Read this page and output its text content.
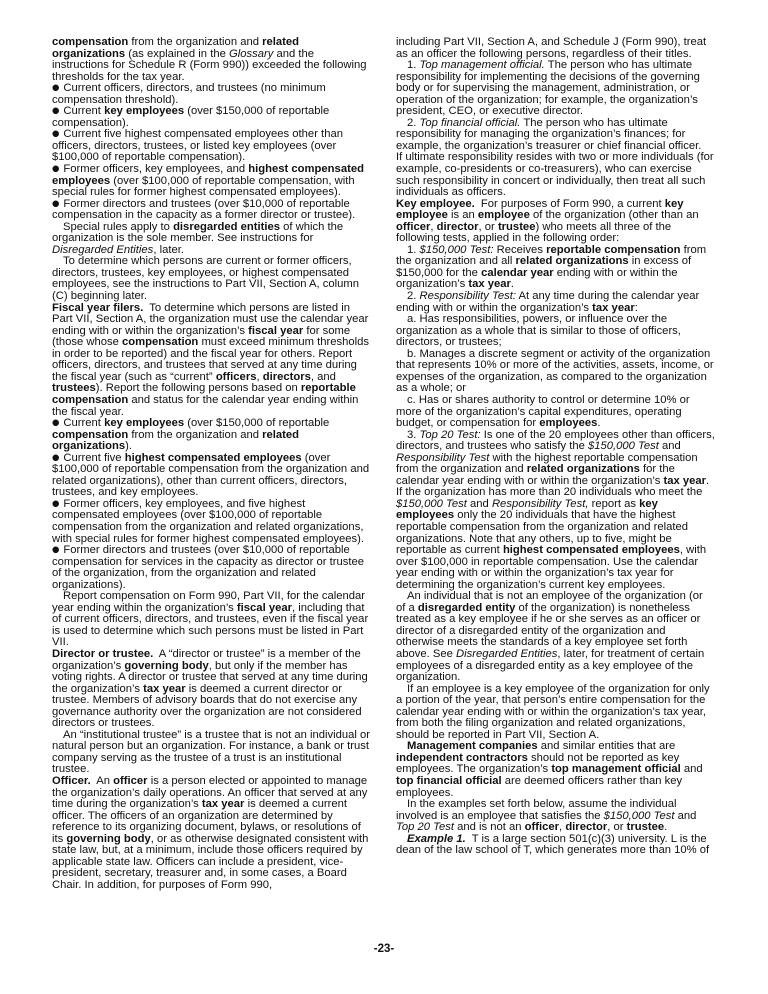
compensation from the organization and related organizations (as explained in the Glossary and the instructions for Schedule R (Form 990)) exceeded the following thresholds for the tax year.

● Current officers, directors, and trustees (no minimum compensation threshold).

● Current key employees (over $150,000 of reportable compensation).

● Current five highest compensated employees other than officers, directors, trustees, or listed key employees (over $100,000 of reportable compensation).

● Former officers, key employees, and highest compensated employees (over $100,000 of reportable compensation, with special rules for former highest compensated employees).

● Former directors and trustees (over $10,000 of reportable compensation in the capacity as a former director or trustee).

Special rules apply to disregarded entities of which the organization is the sole member. See instructions for Disregarded Entities, later.

To determine which persons are current or former officers, directors, trustees, key employees, or highest compensated employees, see the instructions to Part VII, Section A, column (C) beginning later.

Fiscal year filers. To determine which persons are listed in Part VII, Section A, the organization must use the calendar year ending with or within the organization’s fiscal year for some (those whose compensation must exceed minimum thresholds in order to be reported) and the fiscal year for others. Report officers, directors, and trustees that served at any time during the fiscal year (such as “current” officers, directors, and trustees). Report the following persons based on reportable compensation and status for the calendar year ending within the fiscal year.

● Current key employees (over $150,000 of reportable compensation from the organization and related organizations).

● Current five highest compensated employees (over $100,000 of reportable compensation from the organization and related organizations), other than current officers, directors, trustees, and key employees.

● Former officers, key employees, and five highest compensated employees (over $100,000 of reportable compensation from the organization and related organizations, with special rules for former highest compensated employees).

● Former directors and trustees (over $10,000 of reportable compensation for services in the capacity as director or trustee of the organization, from the organization and related organizations).

Report compensation on Form 990, Part VII, for the calendar year ending within the organization’s fiscal year, including that of current officers, directors, and trustees, even if the fiscal year is used to determine which such persons must be listed in Part VII.

Director or trustee. A “director or trustee” is a member of the organization’s governing body, but only if the member has voting rights. A director or trustee that served at any time during the organization’s tax year is deemed a current director or trustee. Members of advisory boards that do not exercise any governance authority over the organization are not considered directors or trustees.

An “institutional trustee” is a trustee that is not an individual or natural person but an organization. For instance, a bank or trust company serving as the trustee of a trust is an institutional trustee.

Officer. An officer is a person elected or appointed to manage the organization’s daily operations. An officer that served at any time during the organization’s tax year is deemed a current officer. The officers of an organization are determined by reference to its organizing document, bylaws, or resolutions of its governing body, or as otherwise designated consistent with state law, but, at a minimum, include those officers required by applicable state law. Officers can include a president, vice-president, secretary, treasurer and, in some cases, a Board Chair. In addition, for purposes of Form 990,

including Part VII, Section A, and Schedule J (Form 990), treat as an officer the following persons, regardless of their titles.

1. Top management official. The person who has ultimate responsibility for implementing the decisions of the governing body or for supervising the management, administration, or operation of the organization; for example, the organization’s president, CEO, or executive director.

2. Top financial official. The person who has ultimate responsibility for managing the organization’s finances; for example, the organization’s treasurer or chief financial officer.

If ultimate responsibility resides with two or more individuals (for example, co-presidents or co-treasurers), who can exercise such responsibility in concert or individually, then treat all such individuals as officers.

Key employee. For purposes of Form 990, a current key employee is an employee of the organization (other than an officer, director, or trustee) who meets all three of the following tests, applied in the following order:

1. $150,000 Test: Receives reportable compensation from the organization and all related organizations in excess of $150,000 for the calendar year ending with or within the organization’s tax year.

2. Responsibility Test: At any time during the calendar year ending with or within the organization’s tax year:

a. Has responsibilities, powers, or influence over the organization as a whole that is similar to those of officers, directors, or trustees;

b. Manages a discrete segment or activity of the organization that represents 10% or more of the activities, assets, income, or expenses of the organization, as compared to the organization as a whole; or

c. Has or shares authority to control or determine 10% or more of the organization’s capital expenditures, operating budget, or compensation for employees.

3. Top 20 Test: Is one of the 20 employees other than officers, directors, and trustees who satisfy the $150,000 Test and Responsibility Test with the highest reportable compensation from the organization and related organizations for the calendar year ending with or within the organization’s tax year.

If the organization has more than 20 individuals who meet the $150,000 Test and Responsibility Test, report as key employees only the 20 individuals that have the highest reportable compensation from the organization and related organizations. Note that any others, up to five, might be reportable as current highest compensated employees, with over $100,000 in reportable compensation. Use the calendar year ending with or within the organization’s tax year for determining the organization’s current key employees.

An individual that is not an employee of the organization (or of a disregarded entity of the organization) is nonetheless treated as a key employee if he or she serves as an officer or director of a disregarded entity of the organization and otherwise meets the standards of a key employee set forth above. See Disregarded Entities, later, for treatment of certain employees of a disregarded entity as a key employee of the organization.

If an employee is a key employee of the organization for only a portion of the year, that person’s entire compensation for the calendar year ending with or within the organization’s tax year, from both the filing organization and related organizations, should be reported in Part VII, Section A.

Management companies and similar entities that are independent contractors should not be reported as key employees. The organization’s top management official and top financial official are deemed officers rather than key employees.

In the examples set forth below, assume the individual involved is an employee that satisfies the $150,000 Test and Top 20 Test and is not an officer, director, or trustee.

Example 1. T is a large section 501(c)(3) university. L is the dean of the law school of T, which generates more than 10% of

-23-
